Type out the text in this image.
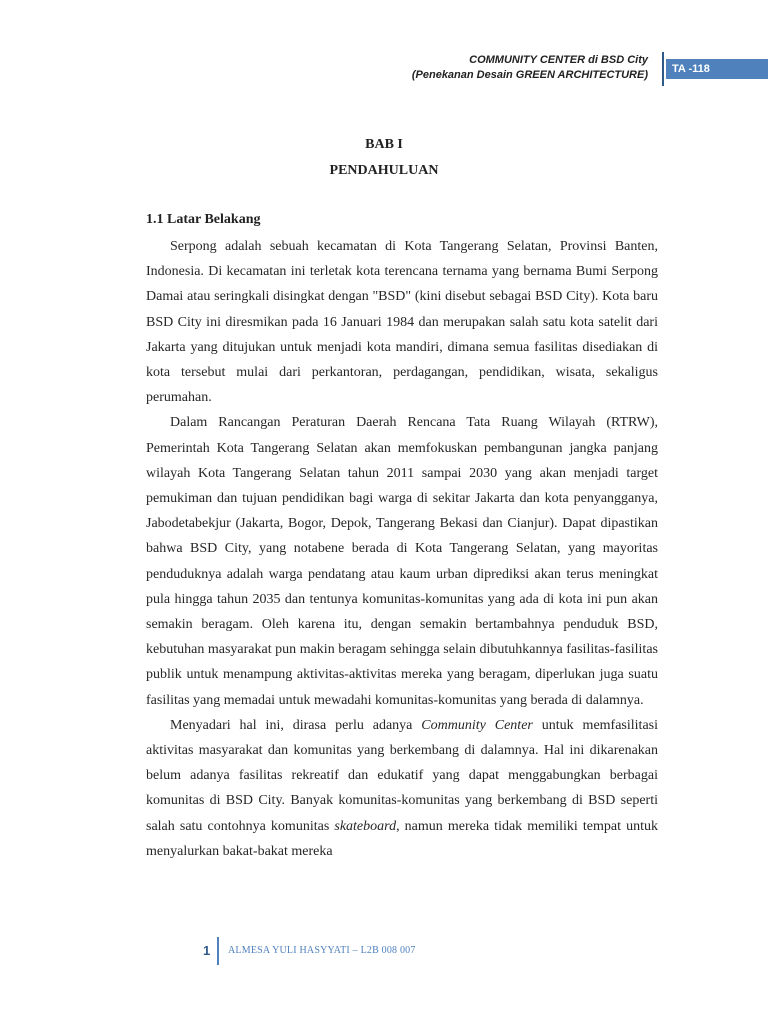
COMMUNITY CENTER di BSD City
(Penekanan Desain GREEN ARCHITECTURE)	TA -118
BAB I
PENDAHULUAN
1.1 Latar Belakang

Serpong adalah sebuah kecamatan di Kota Tangerang Selatan, Provinsi Banten, Indonesia. Di kecamatan ini terletak kota terencana ternama yang bernama Bumi Serpong Damai atau seringkali disingkat dengan "BSD" (kini disebut sebagai BSD City). Kota baru BSD City ini diresmikan pada 16 Januari 1984 dan merupakan salah satu kota satelit dari Jakarta yang ditujukan untuk menjadi kota mandiri, dimana semua fasilitas disediakan di kota tersebut mulai dari perkantoran, perdagangan, pendidikan, wisata, sekaligus perumahan.

Dalam Rancangan Peraturan Daerah Rencana Tata Ruang Wilayah (RTRW), Pemerintah Kota Tangerang Selatan akan memfokuskan pembangunan jangka panjang wilayah Kota Tangerang Selatan tahun 2011 sampai 2030 yang akan menjadi target pemukiman dan tujuan pendidikan bagi warga di sekitar Jakarta dan kota penyangganya, Jabodetabekjur (Jakarta, Bogor, Depok, Tangerang Bekasi dan Cianjur). Dapat dipastikan bahwa BSD City, yang notabene berada di Kota Tangerang Selatan, yang mayoritas penduduknya adalah warga pendatang atau kaum urban diprediksi akan terus meningkat pula hingga tahun 2035 dan tentunya komunitas-komunitas yang ada di kota ini pun akan semakin beragam. Oleh karena itu, dengan semakin bertambahnya penduduk BSD, kebutuhan masyarakat pun makin beragam sehingga selain dibutuhkannya fasilitas-fasilitas publik untuk menampung aktivitas-aktivitas mereka yang beragam, diperlukan juga suatu fasilitas yang memadai untuk mewadahi komunitas-komunitas yang berada di dalamnya.

Menyadari hal ini, dirasa perlu adanya Community Center untuk memfasilitasi aktivitas masyarakat dan komunitas yang berkembang di dalamnya. Hal ini dikarenakan belum adanya fasilitas rekreatif dan edukatif yang dapat menggabungkan berbagai komunitas di BSD City. Banyak komunitas-komunitas yang berkembang di BSD seperti salah satu contohnya komunitas skateboard, namun mereka tidak memiliki tempat untuk menyalurkan bakat-bakat mereka

1 ALMESA YULI HASYYATI – L2B 008 007
